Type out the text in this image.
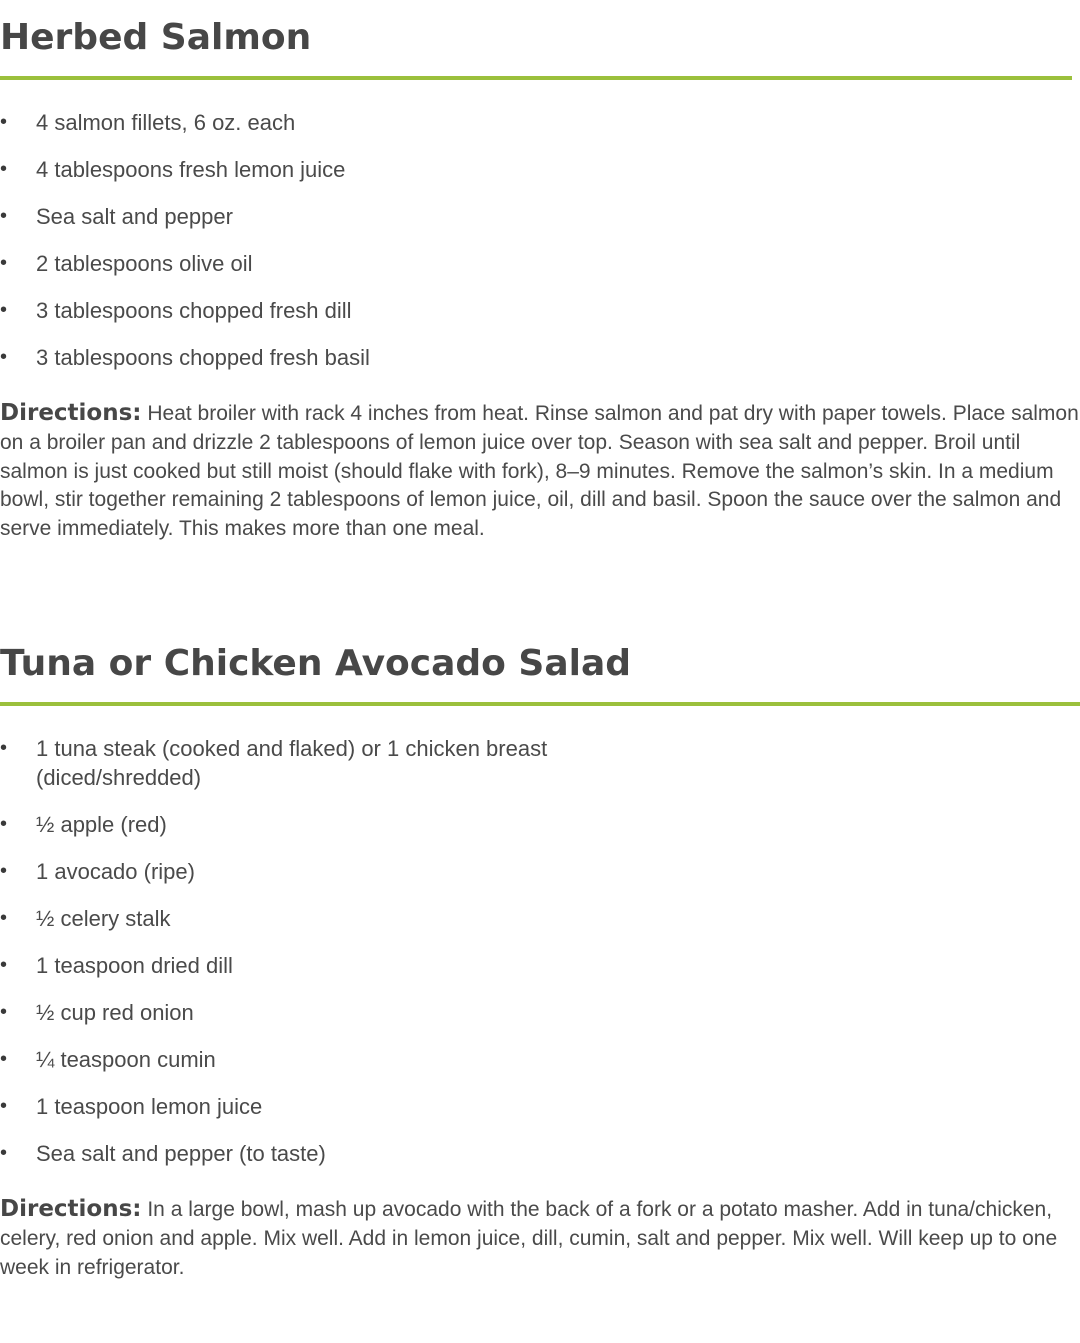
Herbed Salmon
•	4 salmon fillets, 6 oz. each
•	4 tablespoons fresh lemon juice
•	Sea salt and pepper
•	2 tablespoons olive oil
•	3 tablespoons chopped fresh dill
•	3 tablespoons chopped fresh basil

Directions: Heat broiler with rack 4 inches from heat. Rinse salmon and pat dry with paper towels. Place salmon on a broiler pan and drizzle 2 tablespoons of lemon juice over top. Season with sea salt and pepper. Broil until salmon is just cooked but still moist (should flake with fork), 8–9 minutes. Remove the salmon’s skin. In a medium bowl, stir together remaining 2 tablespoons of lemon juice, oil, dill and basil. Spoon the sauce over the salmon and serve immediately. This makes more than one meal.

Tuna or Chicken Avocado Salad
•	1 tuna steak (cooked and flaked) or 1 chicken breast (diced/shredded)
•	½ apple (red)
•	1 avocado (ripe)
•	½ celery stalk
•	1 teaspoon dried dill
•	½ cup red onion
•	¼ teaspoon cumin
•	1 teaspoon lemon juice
•	Sea salt and pepper (to taste)

Directions: In a large bowl, mash up avocado with the back of a fork or a potato masher. Add in tuna/chicken, celery, red onion and apple. Mix well. Add in lemon juice, dill, cumin, salt and pepper. Mix well. Will keep up to one week in refrigerator.
